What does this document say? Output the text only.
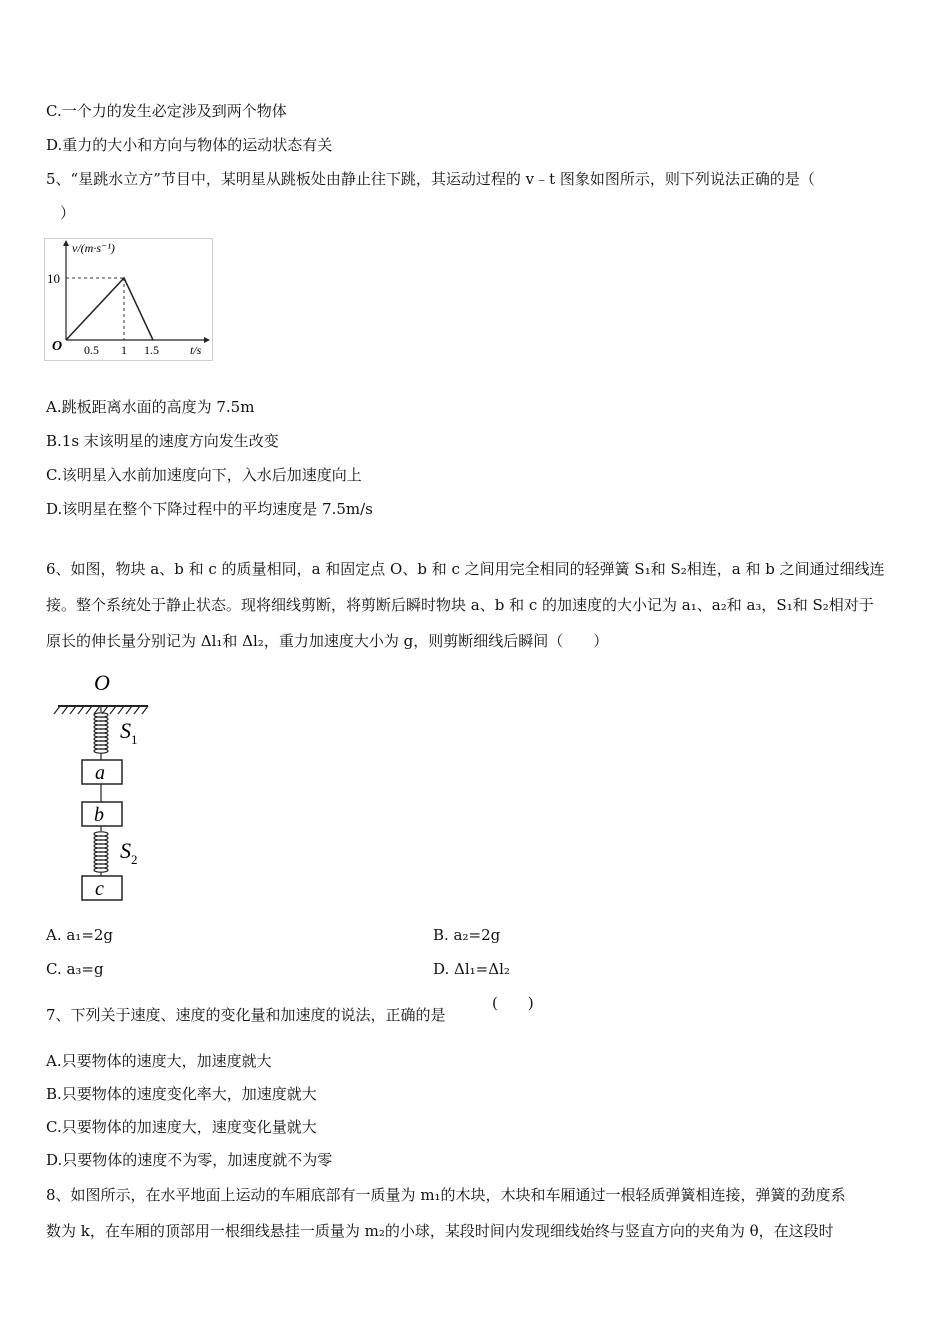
C.一个力的发生必定涉及到两个物体
D.重力的大小和方向与物体的运动状态有关
5、“星跳水立方”节目中，某明星从跳板处由静止往下跳，其运动过程的 v﹣t 图象如图所示，则下列说法正确的是（
）
v/(m·s⁻¹)
10
O 0.5 1 1.5	t/s
A.跳板距离水面的高度为 7.5m
B.1s 末该明星的速度方向发生改变
C.该明星入水前加速度向下，入水后加速度向上
D.该明星在整个下降过程中的平均速度是 7.5m/s
6、如图，物块 a、b 和 c 的质量相同，a 和固定点 O、b 和 c 之间用完全相同的轻弹簧 S₁和 S₂相连，a 和 b 之间通过细线连
接。整个系统处于静止状态。现将细线剪断，将剪断后瞬时物块 a、b 和 c 的加速度的大小记为 a₁、a₂和 a₃，S₁和 S₂相对于
原长的伸长量分别记为 Δl₁和 Δl₂，重力加速度大小为 g，则剪断细线后瞬间（　　）
O
$S_1$
a
b
$S_2$
c
A. a₁=2g	B. a₂=2g
C. a₃=g	D. Δl₁=Δl₂
7、下列关于速度、速度的变化量和加速度的说法，正确的是
(　　)
A.只要物体的速度大，加速度就大
B.只要物体的速度变化率大，加速度就大
C.只要物体的加速度大，速度变化量就大
D.只要物体的速度不为零，加速度就不为零
8、如图所示，在水平地面上运动的车厢底部有一质量为 m₁的木块，木块和车厢通过一根轻质弹簧相连接，弹簧的劲度系
数为 k，在车厢的顶部用一根细线悬挂一质量为 m₂的小球，某段时间内发现细线始终与竖直方向的夹角为 θ，在这段时
